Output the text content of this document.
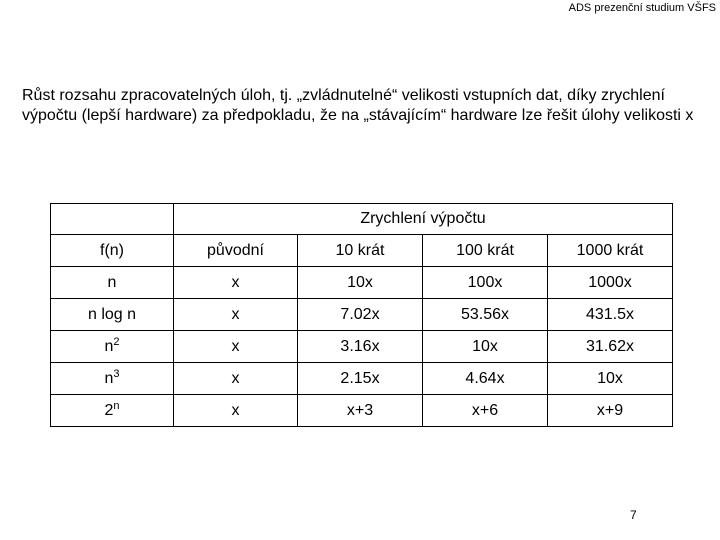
ADS prezenční studium VŠFS
Růst rozsahu zpracovatelných úloh, tj. „zvládnutelné“ velikosti vstupních dat, díky zrychlení výpočtu (lepší hardware) za předpokladu, že na „stávajícím“ hardware lze řešit úlohy velikosti x
	Zrychlení výpočtu			
f(n)	původní	10 krát	100 krát	1000 krát
n	x	10x	100x	1000x
n log n	x	7.02x	53.56x	431.5x
$n^2$	x	3.16x	10x	31.62x
$n^3$	x	2.15x	4.64x	10x
2$^n$	x	x+3	x+6	x+9
7
